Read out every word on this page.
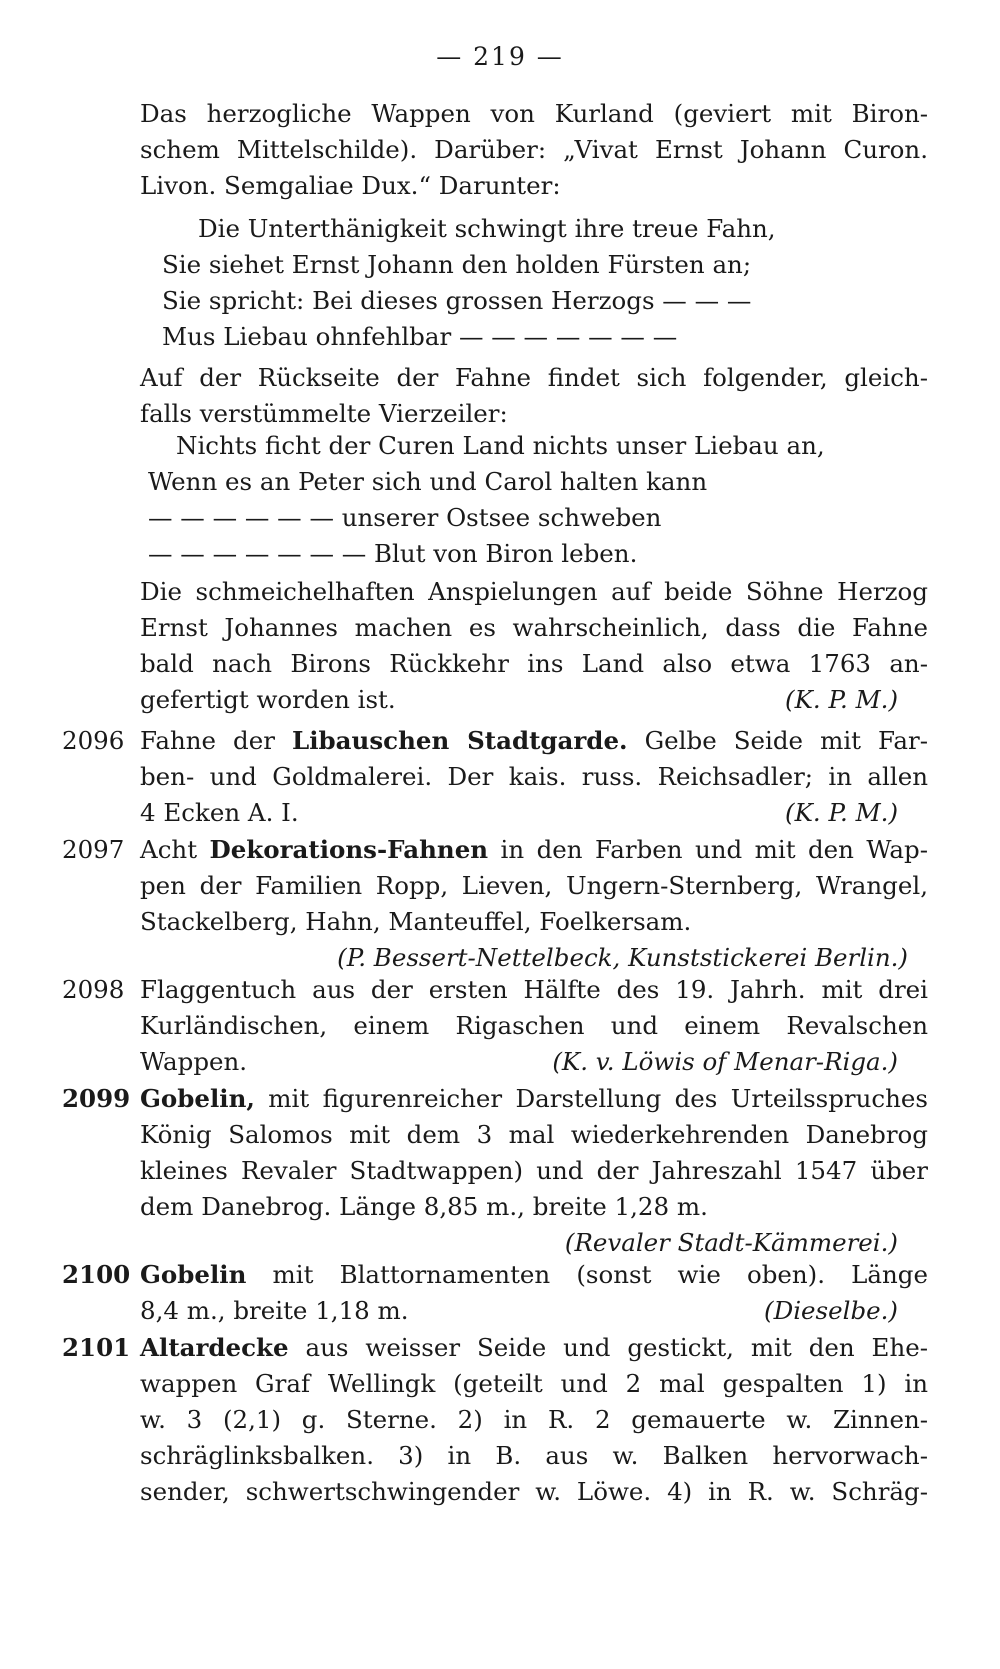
— 219 —
Das herzogliche Wappen von Kurland (geviert mit Biron-
schem Mittelschilde). Darüber: „Vivat Ernst Johann Curon.
Livon. Semgaliae Dux.“ Darunter:
Die Unterthänigkeit schwingt ihre treue Fahn,
Sie siehet Ernst Johann den holden Fürsten an;
Sie spricht: Bei dieses grossen Herzogs — — —
Mus Liebau ohnfehlbar — — — — — — —
Auf der Rückseite der Fahne findet sich folgender, gleich-
falls verstümmelte Vierzeiler:
Nichts ficht der Curen Land nichts unser Liebau an,
Wenn es an Peter sich und Carol halten kann
— — — — — — unserer Ostsee schweben
— — — — — — — Blut von Biron leben.
Die schmeichelhaften Anspielungen auf beide Söhne Herzog
Ernst Johannes machen es wahrscheinlich, dass die Fahne
bald nach Birons Rückkehr ins Land also etwa 1763 an-
gefertigt worden ist.	(K. P. M.)
2096 Fahne der Libauschen Stadtgarde. Gelbe Seide mit Far-
ben- und Goldmalerei. Der kais. russ. Reichsadler; in allen
4 Ecken A. I.	(K. P. M.)
2097 Acht Dekorations-Fahnen in den Farben und mit den Wap-
pen der Familien Ropp, Lieven, Ungern-Sternberg, Wrangel,
Stackelberg, Hahn, Manteuffel, Foelkersam.
(P. Bessert-Nettelbeck, Kunststickerei Berlin.)
2098 Flaggentuch aus der ersten Hälfte des 19. Jahrh. mit drei
Kurländischen, einem Rigaschen und einem Revalschen
Wappen.	(K. v. Löwis of Menar-Riga.)
2099 Gobelin, mit figurenreicher Darstellung des Urteilsspruches
König Salomos mit dem 3 mal wiederkehrenden Danebrog
kleines Revaler Stadtwappen) und der Jahreszahl 1547 über
dem Danebrog. Länge 8,85 m., breite 1,28 m.
(Revaler Stadt-Kämmerei.)
2100 Gobelin mit Blattornamenten (sonst wie oben). Länge
8,4 m., breite 1,18 m.	(Dieselbe.)
2101 Altardecke aus weisser Seide und gestickt, mit den Ehe-
wappen Graf Wellingk (geteilt und 2 mal gespalten 1) in
w. 3 (2,1) g. Sterne. 2) in R. 2 gemauerte w. Zinnen-
schräglinksbalken. 3) in B. aus w. Balken hervorwach-
sender, schwertschwingender w. Löwe. 4) in R. w. Schräg-
